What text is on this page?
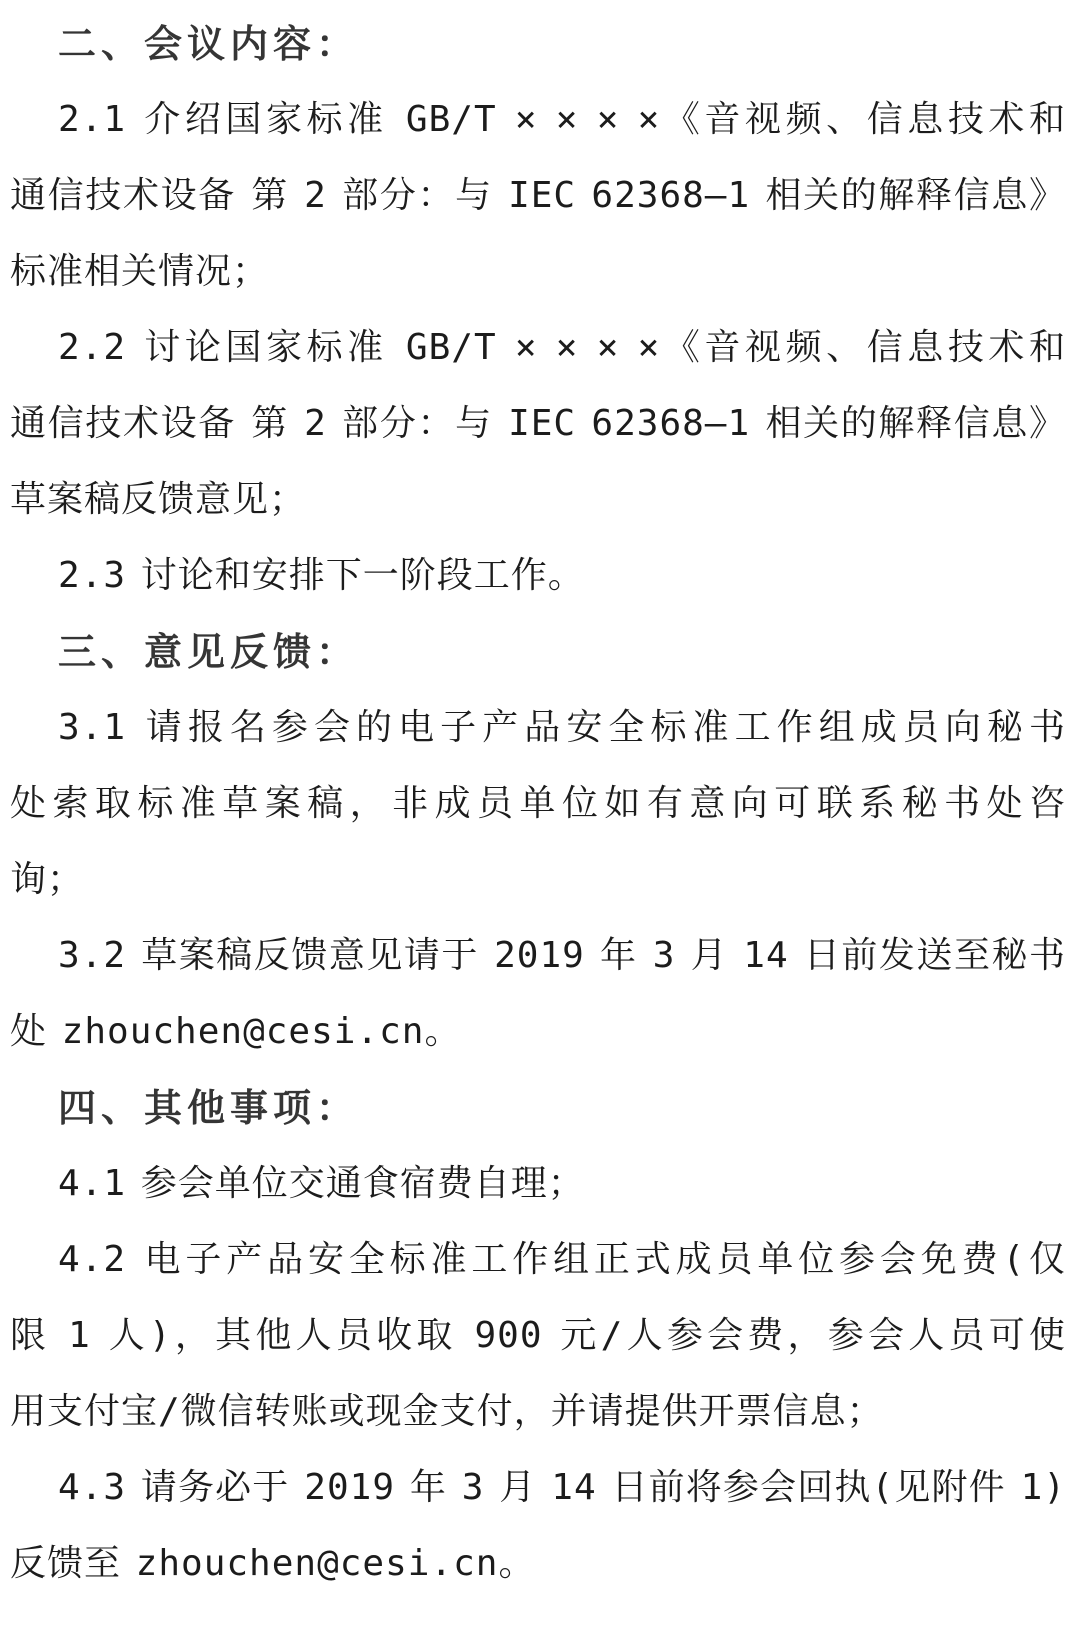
二、会议内容：
2.1 介绍国家标准 GB/T × × × ×《音视频、信息技术和
通信技术设备 第 2 部分：与 IEC 62368—1 相关的解释信息》
标准相关情况；
2.2 讨论国家标准 GB/T × × × ×《音视频、信息技术和
通信技术设备 第 2 部分：与 IEC 62368—1 相关的解释信息》
草案稿反馈意见；
2.3 讨论和安排下一阶段工作。
三、意见反馈：
3.1 请报名参会的电子产品安全标准工作组成员向秘书
处索取标准草案稿，非成员单位如有意向可联系秘书处咨
询；
3.2 草案稿反馈意见请于 2019 年 3 月 14 日前发送至秘书
处 zhouchen@cesi.cn。
四、其他事项：
4.1 参会单位交通食宿费自理；
4.2 电子产品安全标准工作组正式成员单位参会免费(仅
限 1 人)，其他人员收取 900 元/人参会费，参会人员可使
用支付宝/微信转账或现金支付，并请提供开票信息；
4.3 请务必于 2019 年 3 月 14 日前将参会回执(见附件 1)
反馈至 zhouchen@cesi.cn。
